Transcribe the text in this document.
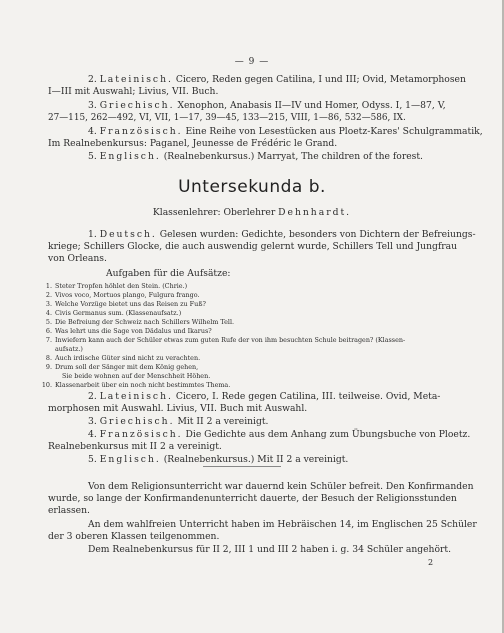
— 9 —
2. Lateinisch. Cicero, Reden gegen Catilina, I und III; Ovid, Metamorphosen
I—III mit Auswahl; Livius, VII. Buch.
3. Griechisch. Xenophon, Anabasis II—IV und Homer, Odyss. I, 1—87, V,
27—115, 262—492, VI, VII, 1—17, 39—45, 133—215, VIII, 1—86, 532—586, IX.
4. Französisch. Eine Reihe von Lesestücken aus Ploetz-Kares' Schulgrammatik,
Im Realnebenkursus: Paganel, Jeunesse de Frédéric le Grand.
5. Englisch. (Realnebenkursus.) Marryat, The children of the forest.
Untersekunda b.
Klassenlehrer: Oberlehrer Dehnhardt.
1. Deutsch. Gelesen wurden: Gedichte, besonders von Dichtern der Befreiungs-
kriege; Schillers Glocke, die auch auswendig gelernt wurde, Schillers Tell und Jungfrau
von Orleans.
Aufgaben für die Aufsätze:
1. Steter Tropfen höhlet den Stein. (Chrie.)
2. Vivos voco, Mortuos plango, Fulgura frango.
3. Welche Vorzüge bietet uns das Reisen zu Fuß?
4. Civis Germanus sum. (Klassenaufsatz.)
5. Die Befreiung der Schweiz nach Schillers Wilhelm Tell.
6. Was lehrt uns die Sage von Dädalus und Ikarus?
7. Inwiefern kann auch der Schüler etwas zum guten Rufe der von ihm besuchten Schule beitragen? (Klassen-
aufsatz.)
8. Auch irdische Güter sind nicht zu verachten.
9. Drum soll der Sänger mit dem König gehen,
Sie beide wohnen auf der Menschheit Höhen.
10. Klassenarbeit über ein noch nicht bestimmtes Thema.
2. Lateinisch. Cicero, I. Rede gegen Catilina, III. teilweise. Ovid, Meta-
morphosen mit Auswahl. Livius, VII. Buch mit Auswahl.
3. Griechisch. Mit II 2 a vereinigt.
4. Französisch. Die Gedichte aus dem Anhang zum Übungsbuche von Ploetz.
Realnebenkursus mit II 2 a vereinigt.
5. Englisch. (Realnebenkursus.) Mit II 2 a vereinigt.
Von dem Religionsunterricht war dauernd kein Schüler befreit. Den Konfirmanden
wurde, so lange der Konfirmandenunterricht dauerte, der Besuch der Religionsstunden
erlassen.
An dem wahlfreien Unterricht haben im Hebräischen 14, im Englischen 25 Schüler
der 3 oberen Klassen teilgenommen.
Dem Realnebenkursus für II 2, III 1 und III 2 haben i. g. 34 Schüler angehört.
2
